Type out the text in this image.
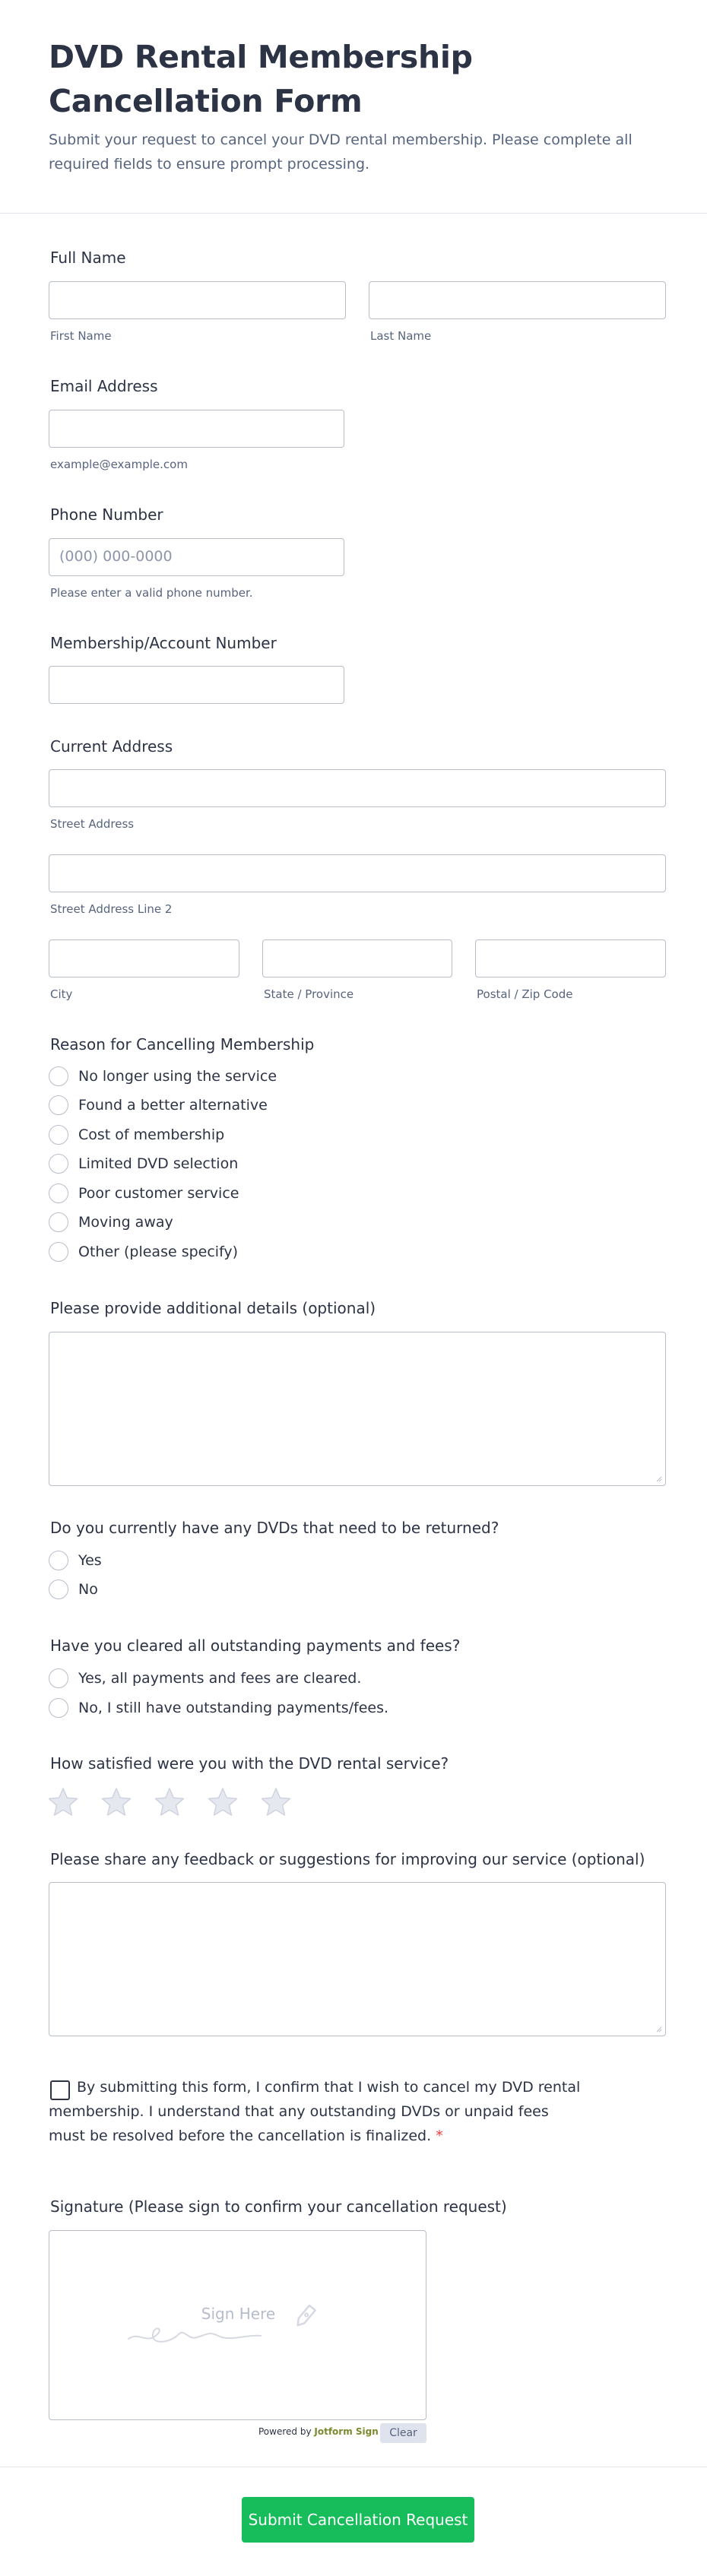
DVD Rental Membership Cancellation Form
Submit your request to cancel your DVD rental membership. Please complete all required fields to ensure prompt processing.
Full Name
First Name	Last Name
Email Address
example@example.com
Phone Number
(000) 000-0000
Please enter a valid phone number.
Membership/Account Number
Current Address
Street Address
Street Address Line 2
City	State / Province	Postal / Zip Code
Reason for Cancelling Membership
No longer using the service
Found a better alternative
Cost of membership
Limited DVD selection
Poor customer service
Moving away
Other (please specify)
Please provide additional details (optional)
Do you currently have any DVDs that need to be returned?
Yes
No
Have you cleared all outstanding payments and fees?
Yes, all payments and fees are cleared.
No, I still have outstanding payments/fees.
How satisfied were you with the DVD rental service?
Please share any feedback or suggestions for improving our service (optional)
By submitting this form, I confirm that I wish to cancel my DVD rental membership. I understand that any outstanding DVDs or unpaid fees must be resolved before the cancellation is finalized. *
Signature (Please sign to confirm your cancellation request)
Sign Here
Powered by Jotform Sign	Clear
Submit Cancellation Request
